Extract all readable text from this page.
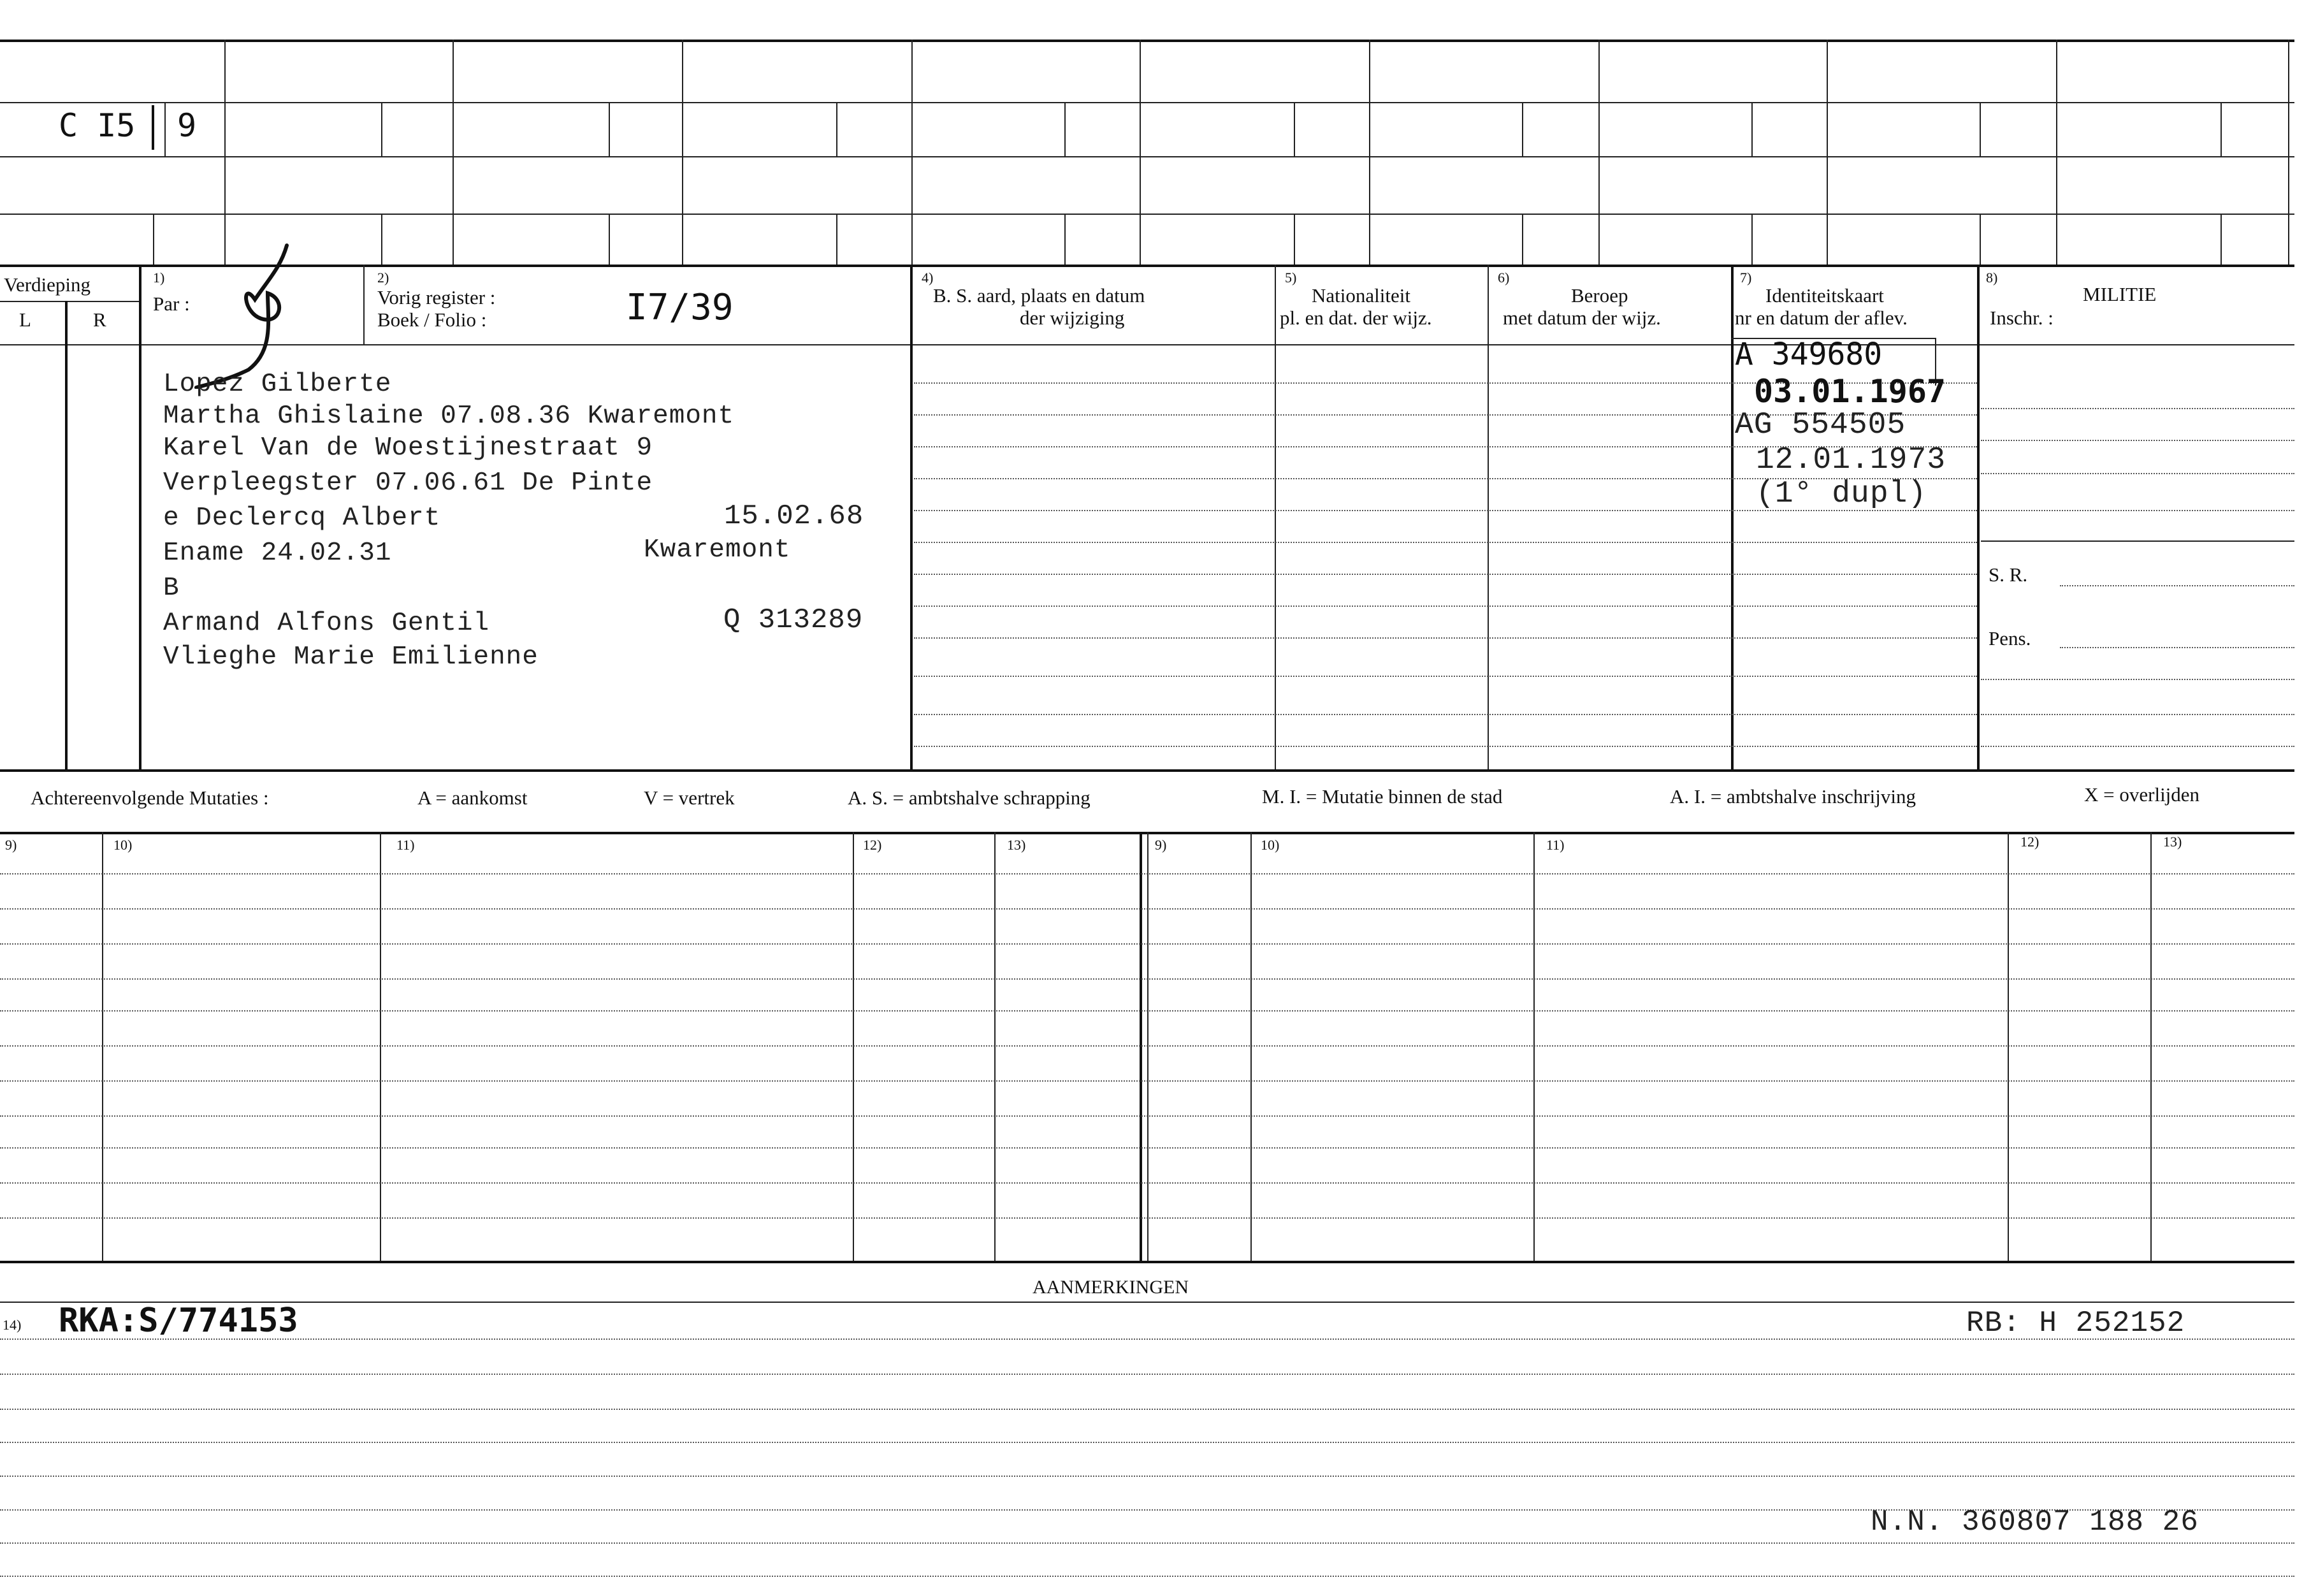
C I5 9
Verdieping
L	R
1)
Par :
2)
Vorig register :
Boek / Folio :	I7/39
4)
B. S. aard, plaats en datum
der wijziging
5)
Nationaliteit
pl. en dat. der wijz.
6)
Beroep
met datum der wijz.
7)
Identiteitskaart
nr en datum der aflev.
8)
MILITIE
Inschr. :
S. R.
Pens.
Lopez Gilberte
Martha Ghislaine 07.08.36 Kwaremont
Karel Van de Woestijnestraat 9
Verpleegster 07.06.61 De Pinte
e Declercq Albert	15.02.68
Ename 24.02.31	Kwaremont
B
Armand Alfons Gentil	Q 313289
Vlieghe Marie Emilienne
A 349680
03.01.1967
AG 554505
12.01.1973
(1° dupl)
Achtereenvolgende Mutaties :	A = aankomst	V = vertrek	A. S. = ambtshalve schrapping	M. I. = Mutatie binnen de stad	A. I. = ambtshalve inschrijving	X = overlijden
9)	10)	11)	12)	13)	9)	10)	11)	12)	13)
AANMERKINGEN
14) RKA:S/774153	RB: H 252152
N.N. 360807 188 26
